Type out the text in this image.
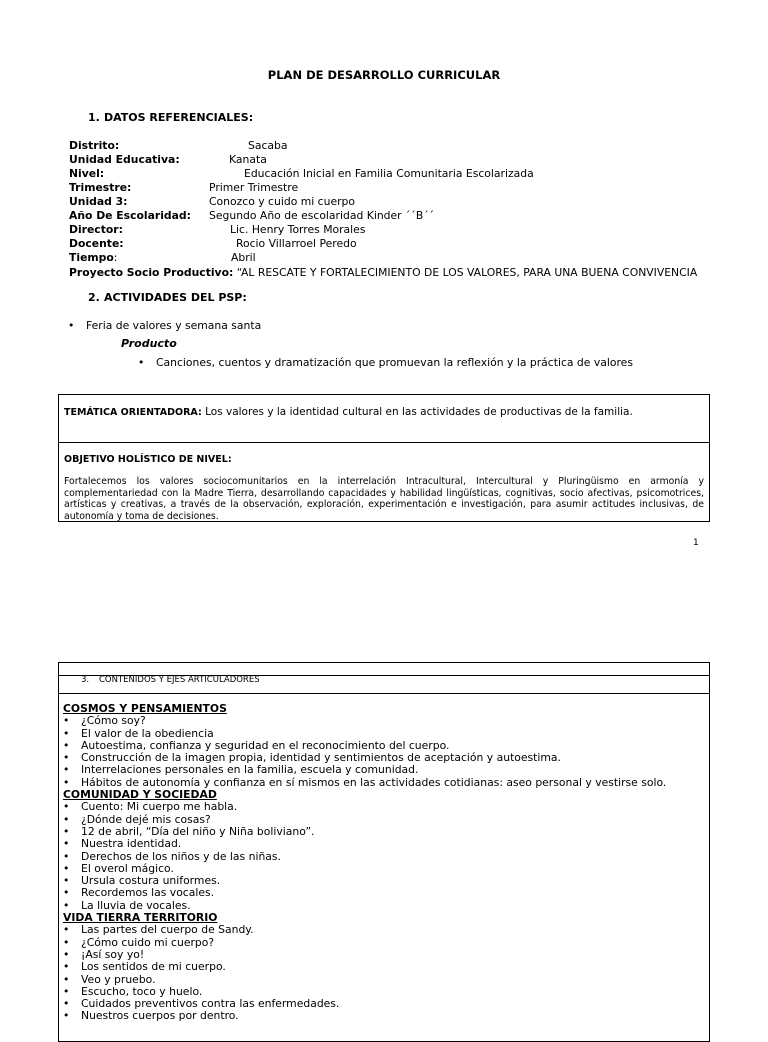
PLAN DE DESARROLLO CURRICULAR
1. DATOS REFERENCIALES:
Distrito:	Sacaba
Unidad Educativa:	Kanata
Nivel:	Educación Inicial en Familia Comunitaria Escolarizada
Trimestre:	Primer Trimestre
Unidad 3:	Conozco y cuido mi cuerpo
Año De Escolaridad: Segundo Año de escolaridad Kinder ´´B´´
Director:	Lic. Henry Torres Morales
Docente:	Rocio Villarroel Peredo
Tiempo:	Abril
Proyecto Socio Productivo: “AL RESCATE Y FORTALECIMIENTO DE LOS VALORES, PARA UNA BUENA CONVIVENCIA
2. ACTIVIDADES DEL PSP:
• Feria de valores y semana santa
Producto
• Canciones, cuentos y dramatización que promuevan la reflexión y la práctica de valores
TEMÁTICA ORIENTADORA: Los valores y la identidad cultural en las actividades de productivas de la familia.
OBJETIVO HOLÍSTICO DE NIVEL:
Fortalecemos los valores sociocomunitarios en la interrelación Intracultural, Intercultural y Pluringüismo en armonía y complementariedad con la Madre Tierra, desarrollando capacidades y habilidad lingüísticas, cognitivas, socio afectivas, psicomotrices, artísticas y creativas, a través de la observación, exploración, experimentación e investigación, para asumir actitudes inclusivas, de autonomía y toma de decisiones.
1
3. CONTENIDOS Y EJES ARTICULADORES
COSMOS Y PENSAMIENTOS
• ¿Cómo soy?
• El valor de la obediencia
• Autoestima, confianza y seguridad en el reconocimiento del cuerpo.
• Construcción de la imagen propia, identidad y sentimientos de aceptación y autoestima.
• Interrelaciones personales en la familia, escuela y comunidad.
• Hábitos de autonomía y confianza en sí mismos en las actividades cotidianas: aseo personal y vestirse solo.
COMUNIDAD Y SOCIEDAD
• Cuento: Mi cuerpo me habla.
• ¿Dónde dejé mis cosas?
• 12 de abril, “Día del niño y Niña boliviano”.
• Nuestra identidad.
• Derechos de los niños y de las niñas.
• El overol mágico.
• Ursula costura uniformes.
• Recordemos las vocales.
• La lluvia de vocales.
VIDA TIERRA TERRITORIO
• Las partes del cuerpo de Sandy.
• ¿Cómo cuido mi cuerpo?
• ¡Así soy yo!
• Los sentidos de mi cuerpo.
• Veo y pruebo.
• Escucho, toco y huelo.
• Cuidados preventivos contra las enfermedades.
• Nuestros cuerpos por dentro.
